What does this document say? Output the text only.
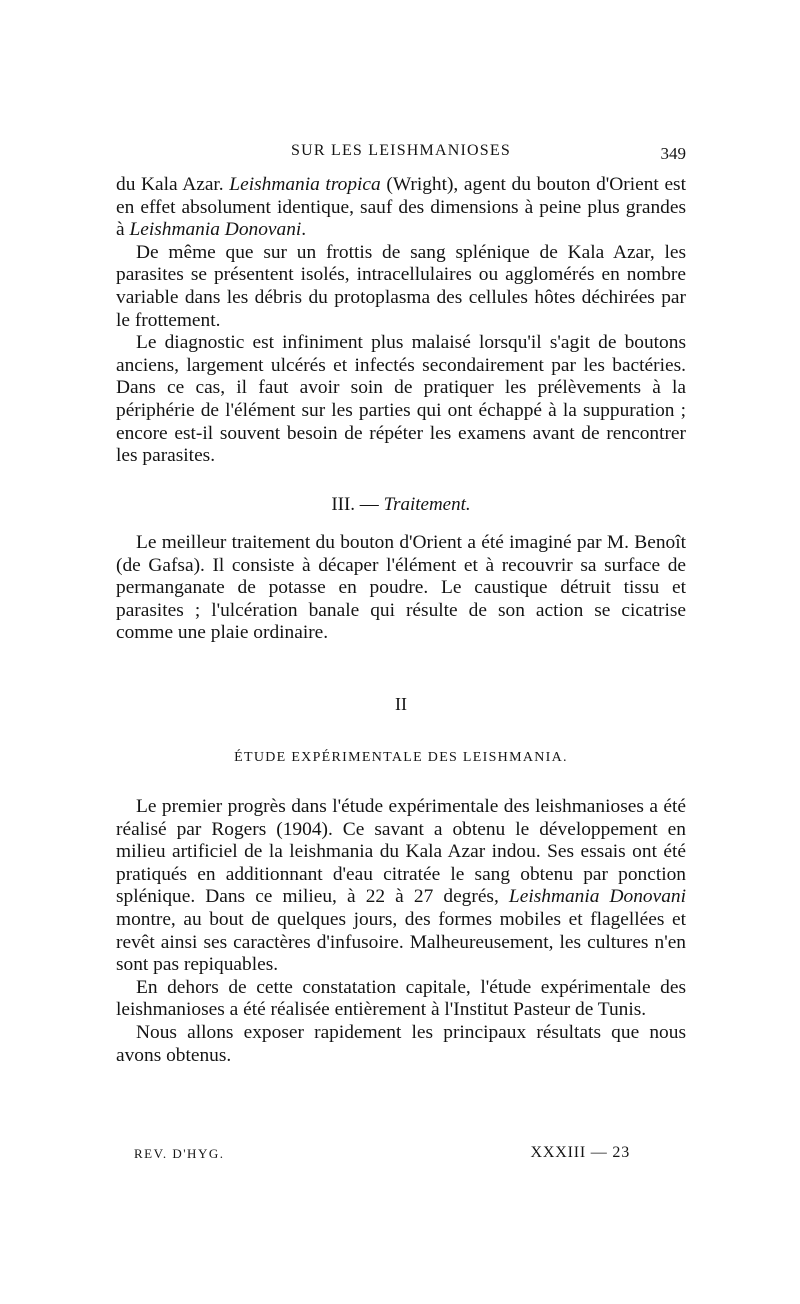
SUR LES LEISHMANIOSES	349

du Kala Azar. Leishmania tropica (Wright), agent du bouton d'Orient est en effet absolument identique, sauf des dimensions à peine plus grandes à Leishmania Donovani.

De même que sur un frottis de sang splénique de Kala Azar, les parasites se présentent isolés, intracellulaires ou agglomérés en nombre variable dans les débris du protoplasma des cellules hôtes déchirées par le frottement.

Le diagnostic est infiniment plus malaisé lorsqu'il s'agit de boutons anciens, largement ulcérés et infectés secondairement par les bactéries. Dans ce cas, il faut avoir soin de pratiquer les prélèvements à la périphérie de l'élément sur les parties qui ont échappé à la suppuration ; encore est-il souvent besoin de répéter les examens avant de rencontrer les parasites.

III. — Traitement.

Le meilleur traitement du bouton d'Orient a été imaginé par M. Benoît (de Gafsa). Il consiste à décaper l'élément et à recouvrir sa surface de permanganate de potasse en poudre. Le caustique détruit tissu et parasites ; l'ulcération banale qui résulte de son action se cicatrise comme une plaie ordinaire.

II
ÉTUDE EXPÉRIMENTALE DES LEISHMANIA.

Le premier progrès dans l'étude expérimentale des leishmanioses a été réalisé par Rogers (1904). Ce savant a obtenu le développement en milieu artificiel de la leishmania du Kala Azar indou. Ses essais ont été pratiqués en additionnant d'eau citratée le sang obtenu par ponction splénique. Dans ce milieu, à 22 à 27 degrés, Leishmania Donovani montre, au bout de quelques jours, des formes mobiles et flagellées et revêt ainsi ses caractères d'infusoire. Malheureusement, les cultures n'en sont pas repiquables.

En dehors de cette constatation capitale, l'étude expérimentale des leishmanioses a été réalisée entièrement à l'Institut Pasteur de Tunis.

Nous allons exposer rapidement les principaux résultats que nous avons obtenus.

REV. D'HYG.	XXXIII — 23
